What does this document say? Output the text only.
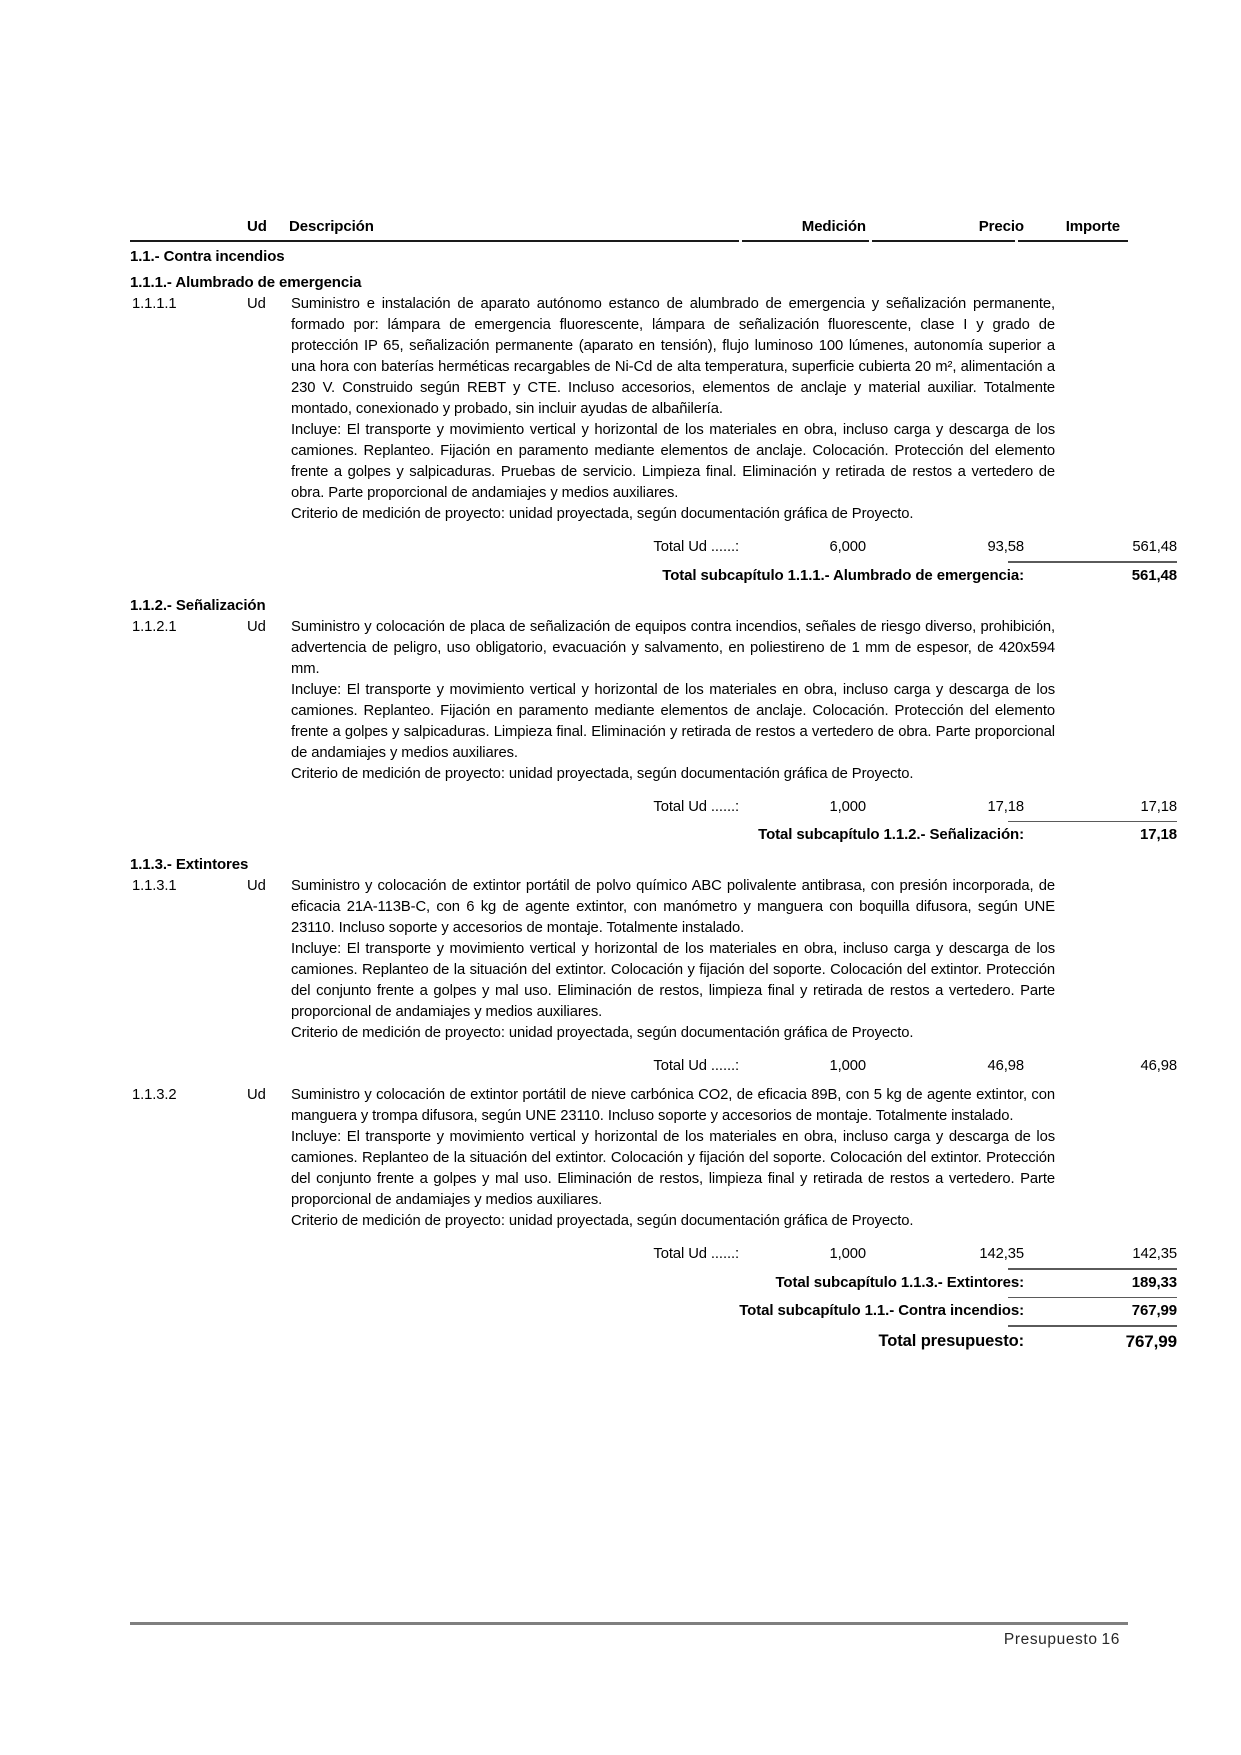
Ud	Descripción	Medición	Precio	Importe
1.1.- Contra incendios
1.1.1.- Alumbrado de emergencia
1.1.1.1	Ud Suministro e instalación de aparato autónomo estanco de alumbrado de emergencia y señalización permanente, formado por: lámpara de emergencia fluorescente, lámpara de señalización fluorescente, clase I y grado de protección IP 65, señalización permanente (aparato en tensión), flujo luminoso 100 lúmenes, autonomía superior a una hora con baterías herméticas recargables de Ni-Cd de alta temperatura, superficie cubierta 20 m², alimentación a 230 V. Construido según REBT y CTE. Incluso accesorios, elementos de anclaje y material auxiliar. Totalmente montado, conexionado y probado, sin incluir ayudas de albañilería.

Incluye: El transporte y movimiento vertical y horizontal de los materiales en obra, incluso carga y descarga de los camiones. Replanteo. Fijación en paramento mediante elementos de anclaje. Colocación. Protección del elemento frente a golpes y salpicaduras. Pruebas de servicio. Limpieza final. Eliminación y retirada de restos a vertedero de obra. Parte proporcional de andamiajes y medios auxiliares.

Criterio de medición de proyecto: unidad proyectada, según documentación gráfica de Proyecto.

Total Ud ......:	6,000	93,58	561,48
Total subcapítulo 1.1.1.- Alumbrado de emergencia:	561,48
1.1.2.- Señalización
1.1.2.1	Ud Suministro y colocación de placa de señalización de equipos contra incendios, señales de riesgo diverso, prohibición, advertencia de peligro, uso obligatorio, evacuación y salvamento, en poliestireno de 1 mm de espesor, de 420x594 mm.

Incluye: El transporte y movimiento vertical y horizontal de los materiales en obra, incluso carga y descarga de los camiones. Replanteo. Fijación en paramento mediante elementos de anclaje. Colocación. Protección del elemento frente a golpes y salpicaduras. Limpieza final. Eliminación y retirada de restos a vertedero de obra. Parte proporcional de andamiajes y medios auxiliares.

Criterio de medición de proyecto: unidad proyectada, según documentación gráfica de Proyecto.

Total Ud ......:	1,000	17,18	17,18
Total subcapítulo 1.1.2.- Señalización:	17,18
1.1.3.- Extintores
1.1.3.1	Ud Suministro y colocación de extintor portátil de polvo químico ABC polivalente antibrasa, con presión incorporada, de eficacia 21A-113B-C, con 6 kg de agente extintor, con manómetro y manguera con boquilla difusora, según UNE 23110. Incluso soporte y accesorios de montaje. Totalmente instalado.

Incluye: El transporte y movimiento vertical y horizontal de los materiales en obra, incluso carga y descarga de los camiones. Replanteo de la situación del extintor. Colocación y fijación del soporte. Colocación del extintor. Protección del conjunto frente a golpes y mal uso. Eliminación de restos, limpieza final y retirada de restos a vertedero. Parte proporcional de andamiajes y medios auxiliares.

Criterio de medición de proyecto: unidad proyectada, según documentación gráfica de Proyecto.

Total Ud ......:	1,000	46,98	46,98
1.1.3.2	Ud Suministro y colocación de extintor portátil de nieve carbónica CO2, de eficacia 89B, con 5 kg de agente extintor, con manguera y trompa difusora, según UNE 23110. Incluso soporte y accesorios de montaje. Totalmente instalado.

Incluye: El transporte y movimiento vertical y horizontal de los materiales en obra, incluso carga y descarga de los camiones. Replanteo de la situación del extintor. Colocación y fijación del soporte. Colocación del extintor. Protección del conjunto frente a golpes y mal uso. Eliminación de restos, limpieza final y retirada de restos a vertedero. Parte proporcional de andamiajes y medios auxiliares.

Criterio de medición de proyecto: unidad proyectada, según documentación gráfica de Proyecto.

Total Ud ......:	1,000	142,35	142,35
Total subcapítulo 1.1.3.- Extintores:	189,33
Total subcapítulo 1.1.- Contra incendios:	767,99
Total presupuesto:	767,99
Presupuesto 16
